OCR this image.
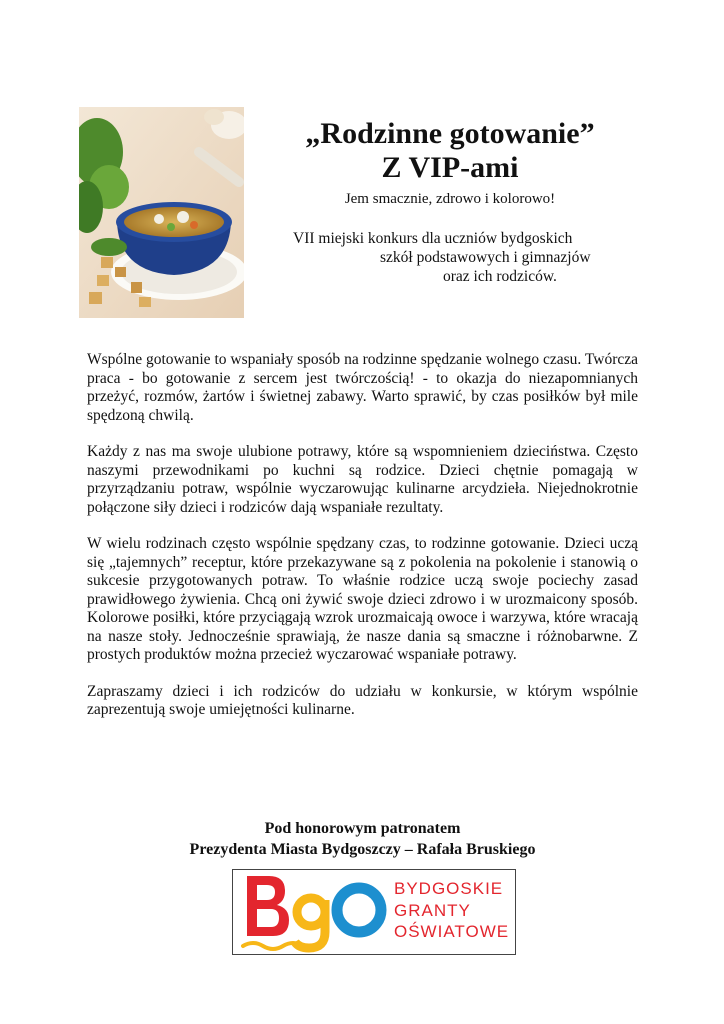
„Rodzinne gotowanie”
Z VIP-ami
Jem smacznie, zdrowo i kolorowo!
VII miejski konkurs dla uczniów bydgoskich
szkół podstawowych i gimnazjów
oraz ich rodziców.

Wspólne gotowanie to wspaniały sposób na rodzinne spędzanie wolnego czasu. Twórcza praca - bo gotowanie z sercem jest twórczością! - to okazja do niezapomnianych przeżyć, rozmów, żartów i świetnej zabawy. Warto sprawić, by czas posiłków był mile spędzoną chwilą.

Każdy z nas ma swoje ulubione potrawy, które są wspomnieniem dzieciństwa. Często naszymi przewodnikami po kuchni są rodzice. Dzieci chętnie pomagają w przyrządzaniu potraw, wspólnie wyczarowując kulinarne arcydzieła. Niejednokrotnie połączone siły dzieci i rodziców dają wspaniałe rezultaty.

W wielu rodzinach często wspólnie spędzany czas, to rodzinne gotowanie. Dzieci uczą się „tajemnych” receptur, które przekazywane są z pokolenia na pokolenie i stanowią o sukcesie przygotowanych potraw. To właśnie rodzice uczą swoje pociechy zasad prawidłowego żywienia. Chcą oni żywić swoje dzieci zdrowo i w urozmaicony sposób. Kolorowe posiłki, które przyciągają wzrok urozmaicają owoce i warzywa, które wracają na nasze stoły. Jednocześnie sprawiają, że nasze dania są smaczne i różnobarwne. Z prostych produktów można przecież wyczarować wspaniałe potrawy.

Zapraszamy dzieci i ich rodziców do udziału w konkursie, w którym wspólnie zaprezentują swoje umiejętności kulinarne.

Pod honorowym patronatem
Prezydenta Miasta Bydgoszczy – Rafała Bruskiego
BYDGOSKIE
GRANTY
OŚWIATOWE
